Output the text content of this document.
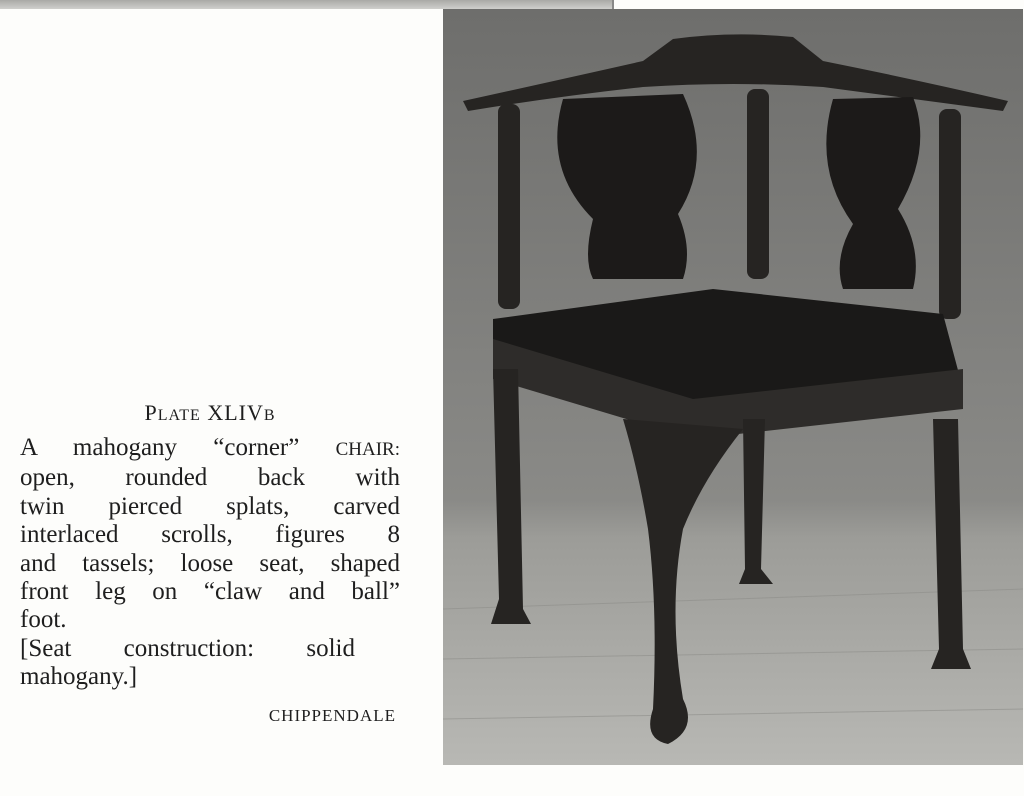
PLATE XLIVB

A mahogany “corner” CHAIR:
open, rounded back with
twin pierced splats, carved
interlaced scrolls, figures 8
and tassels; loose seat, shaped
front leg on “claw and ball”
foot.
[Seat construction: solid
mahogany.]

CHIPPENDALE
